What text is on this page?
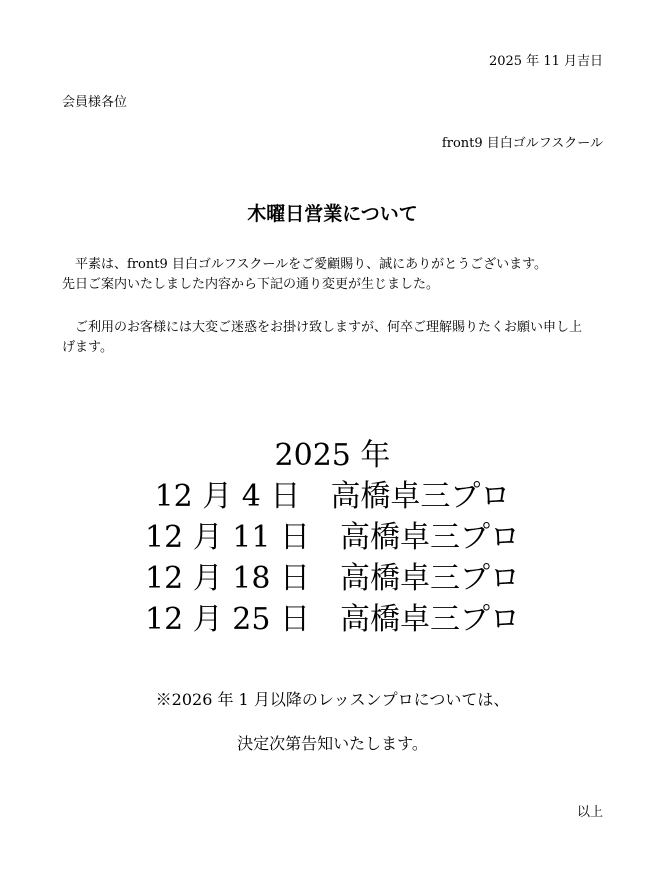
2025 年 11 月吉日
会員様各位
front9 目白ゴルフスクール
木曜日営業について
平素は、front9 目白ゴルフスクールをご愛顧賜り、誠にありがとうございます。
先日ご案内いたしました内容から下記の通り変更が生じました。
ご利用のお客様には大変ご迷惑をお掛け致しますが、何卒ご理解賜りたくお願い申し上
げます。
2025 年
12 月 4 日 高橋卓三プロ
12 月 11 日 高橋卓三プロ
12 月 18 日 高橋卓三プロ
12 月 25 日 高橋卓三プロ
※2026 年 1 月以降のレッスンプロについては、
決定次第告知いたします。
以上
